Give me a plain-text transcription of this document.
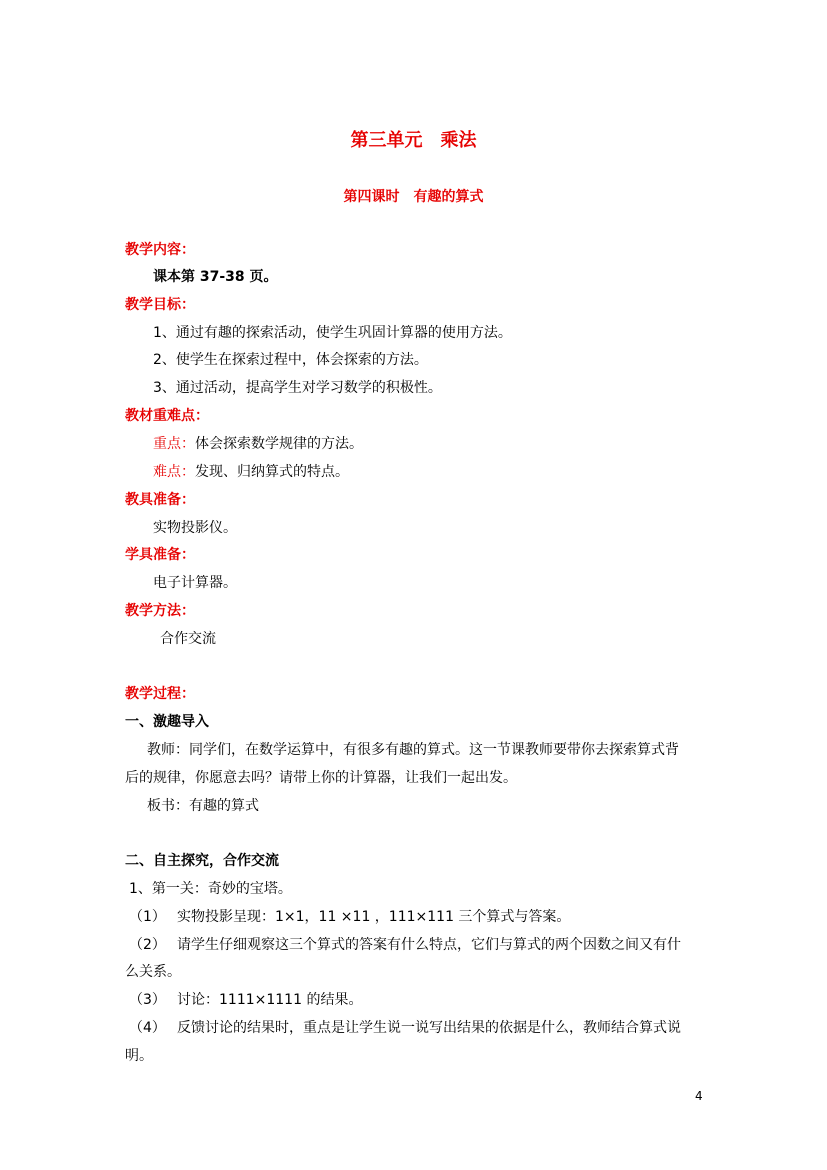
第三单元　乘法
第四课时　有趣的算式
教学内容：
课本第 37-38 页。
教学目标：
1、通过有趣的探索活动，使学生巩固计算器的使用方法。
2、使学生在探索过程中，体会探索的方法。
3、通过活动，提高学生对学习数学的积极性。
教材重难点：
重点：体会探索数学规律的方法。
难点：发现、归纳算式的特点。
教具准备：
实物投影仪。
学具准备：
电子计算器。
教学方法：
合作交流
教学过程：
一、激趣导入
教师：同学们，在数学运算中，有很多有趣的算式。这一节课教师要带你去探索算式背
后的规律，你愿意去吗？请带上你的计算器，让我们一起出发。
板书：有趣的算式
二、自主探究，合作交流
1、第一关：奇妙的宝塔。
（1） 实物投影呈现：1×1，11 ×11 ，111×111 三个算式与答案。
（2） 请学生仔细观察这三个算式的答案有什么特点，它们与算式的两个因数之间又有什
么关系。
（3） 讨论：1111×1111 的结果。
（4） 反馈讨论的结果时，重点是让学生说一说写出结果的依据是什么，教师结合算式说
明。
4
